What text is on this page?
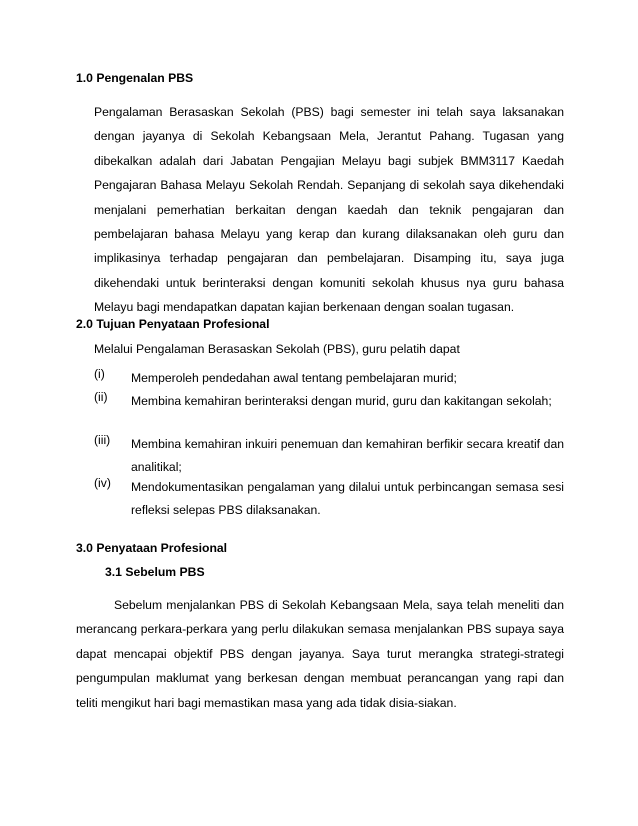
1.0 Pengenalan PBS
Pengalaman Berasaskan Sekolah (PBS) bagi semester ini telah saya laksanakan dengan jayanya di Sekolah Kebangsaan Mela, Jerantut Pahang. Tugasan yang dibekalkan adalah dari Jabatan Pengajian Melayu bagi subjek BMM3117 Kaedah Pengajaran Bahasa Melayu Sekolah Rendah. Sepanjang di sekolah saya dikehendaki menjalani pemerhatian berkaitan dengan kaedah dan teknik pengajaran dan pembelajaran bahasa Melayu yang kerap dan kurang dilaksanakan oleh guru dan implikasinya terhadap pengajaran dan pembelajaran. Disamping itu, saya juga dikehendaki untuk berinteraksi dengan komuniti sekolah khusus nya guru bahasa Melayu bagi mendapatkan dapatan kajian berkenaan dengan soalan tugasan.
2.0 Tujuan Penyataan Profesional
Melalui Pengalaman Berasaskan Sekolah (PBS), guru pelatih dapat
(i) Memperoleh pendedahan awal tentang pembelajaran murid;
(ii) Membina kemahiran berinteraksi dengan murid, guru dan kakitangan sekolah;
(iii) Membina kemahiran inkuiri penemuan dan kemahiran berfikir secara kreatif dan analitikal;
(iv) Mendokumentasikan pengalaman yang dilalui untuk perbincangan semasa sesi refleksi selepas PBS dilaksanakan.
3.0 Penyataan Profesional
3.1 Sebelum PBS
Sebelum menjalankan PBS di Sekolah Kebangsaan Mela, saya telah meneliti dan merancang perkara-perkara yang perlu dilakukan semasa menjalankan PBS supaya saya dapat mencapai objektif PBS dengan jayanya. Saya turut merangka strategi-strategi pengumpulan maklumat yang berkesan dengan membuat perancangan yang rapi dan teliti mengikut hari bagi memastikan masa yang ada tidak disia-siakan.
